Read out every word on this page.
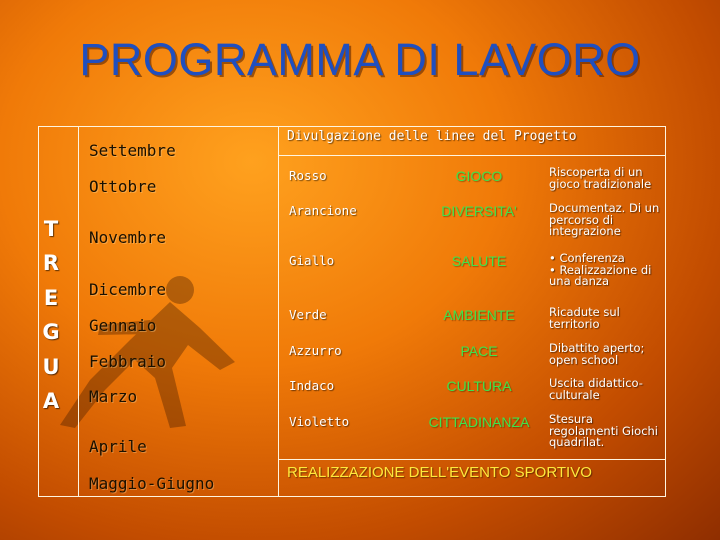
PROGRAMMA DI LAVORO
T
R
E
G
U
A
Settembre
Ottobre
Novembre
Dicembre
Gennaio
Febbraio
Marzo
Aprile
Maggio-Giugno
Divulgazione delle linee del Progetto
Rosso
Arancione
Giallo
Verde
Azzurro
Indaco
Violetto
GIOCO
DIVERSITA'
SALUTE
AMBIENTE
PACE
CULTURA
CITTADINANZA
Riscoperta di un gioco tradizionale
Documentaz. Di un percorso di integrazione
• Conferenza
• Realizzazione di una danza
Ricadute sul territorio
Dibattito aperto; open school
Uscita didattico-culturale
Stesura regolamenti Giochi quadrilat.
REALIZZAZIONE DELL'EVENTO SPORTIVO
